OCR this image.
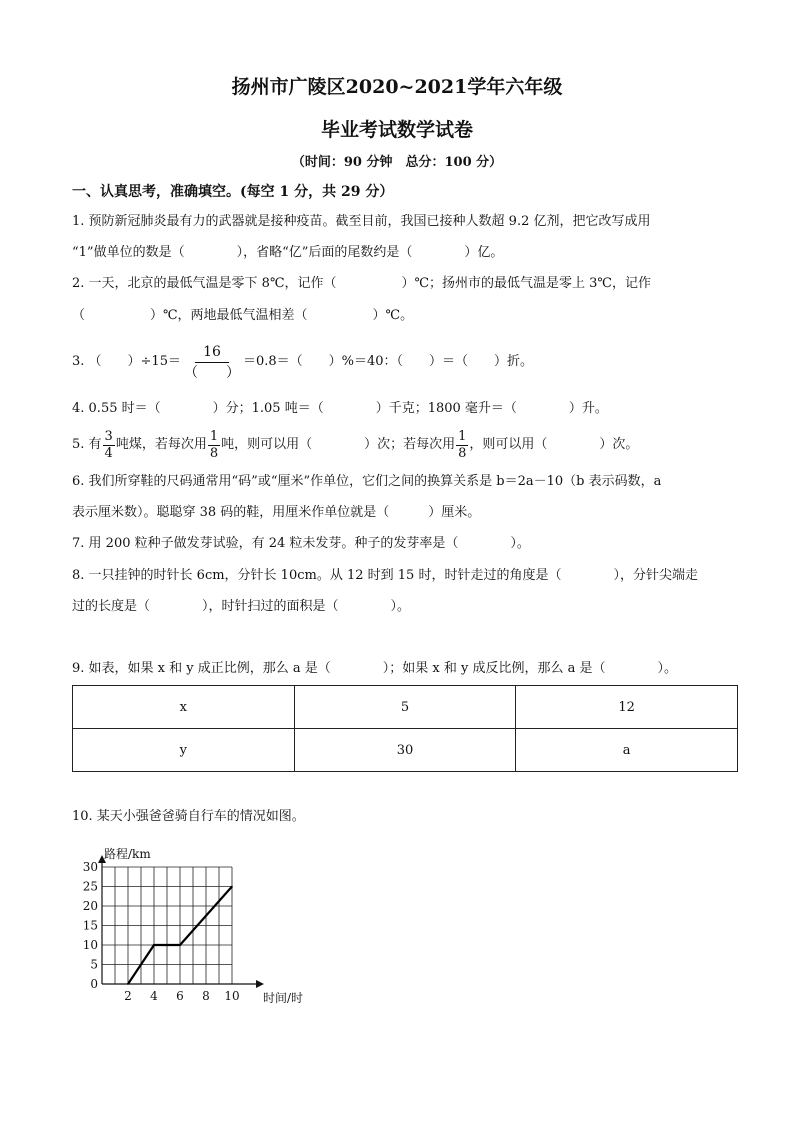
扬州市广陵区2020~2021学年六年级
毕业考试数学试卷
（时间：90 分钟　总分：100 分）
一、认真思考，准确填空。(每空 1 分，共 29 分）
1. 预防新冠肺炎最有力的武器就是接种疫苗。截至目前，我国已接种人数超 9.2 亿剂，把它改写成用
“1”做单位的数是（　　　　），省略“亿”后面的尾数约是（　　　　）亿。
2. 一天，北京的最低气温是零下 8℃，记作（　　　　　）℃；扬州市的最低气温是零上 3℃，记作
（　　　　　）℃，两地最低气温相差（　　　　　）℃。
3. （　　）$\div 15= \frac{16}{( )} =0.8=$（　　）%＝40：（　　）＝（　　）折。
4. 0.55 时＝（　　　　）分；1.05 吨＝（　　　　）千克；1800 毫升＝（　　　　）升。
5. 有 $\frac{3}{4}$ 吨煤，若每次用 $\frac{1}{8}$ 吨，则可以用（　　　　）次；若每次用 $\frac{1}{8}$ ，则可以用（　　　　）次。
6. 我们所穿鞋的尺码通常用“码”或“厘米”作单位，它们之间的换算关系是 b＝2a－10（b 表示码数，a
表示厘米数）。聪聪穿 38 码的鞋，用厘米作单位就是（　　　）厘米。
7. 用 200 粒种子做发芽试验，有 24 粒未发芽。种子的发芽率是（　　　　）。
8. 一只挂钟的时针长 6cm，分针长 10cm。从 12 时到 15 时，时针走过的角度是（　　　　），分针尖端走
过的长度是（　　　　），时针扫过的面积是（　　　　）。
9. 如表，如果 x 和 y 成正比例，那么 a 是（　　　　）；如果 x 和 y 成反比例，那么 a 是（　　　　）。
x	5	12
y	30	a
10. 某天小强爸爸骑自行车的情况如图。
2 4 6 8 10
0
5
10
15
20
25
30
路程/km
时间/时
